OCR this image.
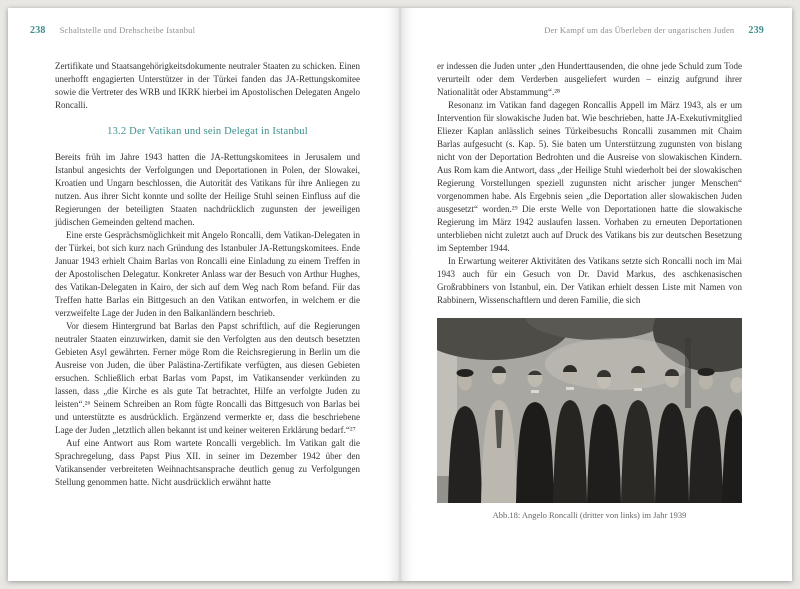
238 Schaltstelle und Drehscheibe Istanbul

Zertifikate und Staatsangehörigkeitsdokumente neutraler Staaten zu schicken. Einen unerhofft engagierten Unterstützer in der Türkei fanden das JA-Rettungskomitee sowie die Vertreter des WRB und IKRK hierbei im Apostolischen Delegaten Angelo Roncalli.

13.2 Der Vatikan und sein Delegat in Istanbul

Bereits früh im Jahre 1943 hatten die JA-Rettungskomitees in Jerusalem und Istanbul angesichts der Verfolgungen und Deportationen in Polen, der Slowakei, Kroatien und Ungarn beschlossen, die Autorität des Vatikans für ihre Anliegen zu nutzen. Aus ihrer Sicht konnte und sollte der Heilige Stuhl seinen Einfluss auf die Regierungen der beteiligten Staaten nachdrücklich zugunsten der jeweiligen jüdischen Gemeinden geltend machen.

Eine erste Gesprächsmöglichkeit mit Angelo Roncalli, dem Vatikan-Delegaten in der Türkei, bot sich kurz nach Gründung des Istanbuler JA-Rettungskomitees. Ende Januar 1943 erhielt Chaim Barlas von Roncalli eine Einladung zu einem Treffen in der Apostolischen Delegatur. Konkreter Anlass war der Besuch von Arthur Hughes, des Vatikan-Delegaten in Kairo, der sich auf dem Weg nach Rom befand. Für das Treffen hatte Barlas ein Bittgesuch an den Vatikan entworfen, in welchem er die verzweifelte Lage der Juden in den Balkanländern beschrieb.

Vor diesem Hintergrund bat Barlas den Papst schriftlich, auf die Regierungen neutraler Staaten einzuwirken, damit sie den Verfolgten aus den deutsch besetzten Gebieten Asyl gewährten. Ferner möge Rom die Reichsregierung in Berlin um die Ausreise von Juden, die über Palästina-Zertifikate verfügten, aus diesen Gebieten ersuchen. Schließlich erbat Barlas vom Papst, im Vatikansender verkünden zu lassen, dass „die Kirche es als gute Tat betrachtet, Hilfe an verfolgte Juden zu leisten“.²⁶ Seinem Schreiben an Rom fügte Roncalli das Bittgesuch von Barlas bei und unterstützte es ausdrücklich. Ergänzend vermerkte er, dass die beschriebene Lage der Juden „letztlich allen bekannt ist und keiner weiteren Erklärung bedarf.“²⁷

Auf eine Antwort aus Rom wartete Roncalli vergeblich. Im Vatikan galt die Sprachregelung, dass Papst Pius XII. in seiner im Dezember 1942 über den Vatikansender verbreiteten Weihnachtsansprache deutlich genug zu Verfolgungen Stellung genommen hatte. Nicht ausdrücklich erwähnt hatte

Der Kampf um das Überleben der ungarischen Juden 239

er indessen die Juden unter „den Hunderttausenden, die ohne jede Schuld zum Tode verurteilt oder dem Verderben ausgeliefert wurden – einzig aufgrund ihrer Nationalität oder Abstammung“.²⁸

Resonanz im Vatikan fand dagegen Roncallis Appell im März 1943, als er um Intervention für slowakische Juden bat. Wie beschrieben, hatte JA-Exekutivmitglied Eliezer Kaplan anlässlich seines Türkeibesuchs Roncalli zusammen mit Chaim Barlas aufgesucht (s. Kap. 5). Sie baten um Unterstützung zugunsten von bislang nicht von der Deportation Bedrohten und die Ausreise von slowakischen Kindern. Aus Rom kam die Antwort, dass „der Heilige Stuhl wiederholt bei der slowakischen Regierung Vorstellungen speziell zugunsten nicht arischer junger Menschen“ vorgenommen habe. Als Ergebnis seien „die Deportation aller slowakischen Juden ausgesetzt“ worden.²⁹ Die erste Welle von Deportationen hatte die slowakische Regierung im März 1942 auslaufen lassen. Vorhaben zu erneuten Deportationen unterblieben nicht zuletzt auch auf Druck des Vatikans bis zur deutschen Besetzung im September 1944.

In Erwartung weiterer Aktivitäten des Vatikans setzte sich Roncalli noch im Mai 1943 auch für ein Gesuch von Dr. David Markus, des aschkenasischen Großrabbiners von Istanbul, ein. Der Vatikan erhielt dessen Liste mit Namen von Rabbinern, Wissenschaftlern und deren Familie, die sich

Abb.18: Angelo Roncalli (dritter von links) im Jahr 1939
